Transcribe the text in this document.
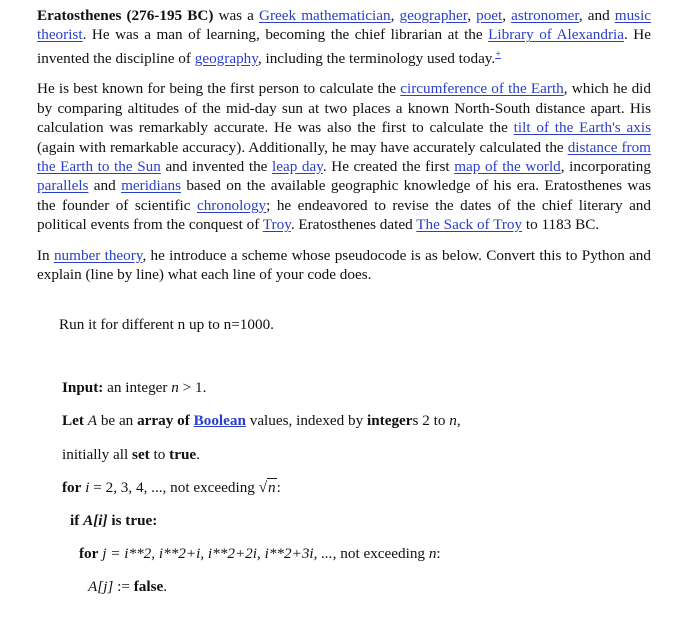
Eratosthenes (276-195 BC) was a Greek mathematician, geographer, poet, astronomer, and music theorist. He was a man of learning, becoming the chief librarian at the Library of Alexandria. He invented the discipline of geography, including the terminology used today.+

He is best known for being the first person to calculate the circumference of the Earth, which he did by comparing altitudes of the mid-day sun at two places a known North-South distance apart. His calculation was remarkably accurate. He was also the first to calculate the tilt of the Earth's axis (again with remarkable accuracy). Additionally, he may have accurately calculated the distance from the Earth to the Sun and invented the leap day. He created the first map of the world, incorporating parallels and meridians based on the available geographic knowledge of his era. Eratosthenes was the founder of scientific chronology; he endeavored to revise the dates of the chief literary and political events from the conquest of Troy. Eratosthenes dated The Sack of Troy to 1183 BC.

In number theory, he introduce a scheme whose pseudocode is as below. Convert this to Python and explain (line by line) what each line of your code does.

Run it for different n up to n=1000.
Input: an integer n > 1.
Let A be an array of Boolean values, indexed by integers 2 to n,
initially all set to true.
for i = 2, 3, 4, ..., not exceeding √n:
if A[i] is true:
for j = i**2, i**2+i, i**2+2i, i**2+3i, ..., not exceeding n:
A[j] := false.
